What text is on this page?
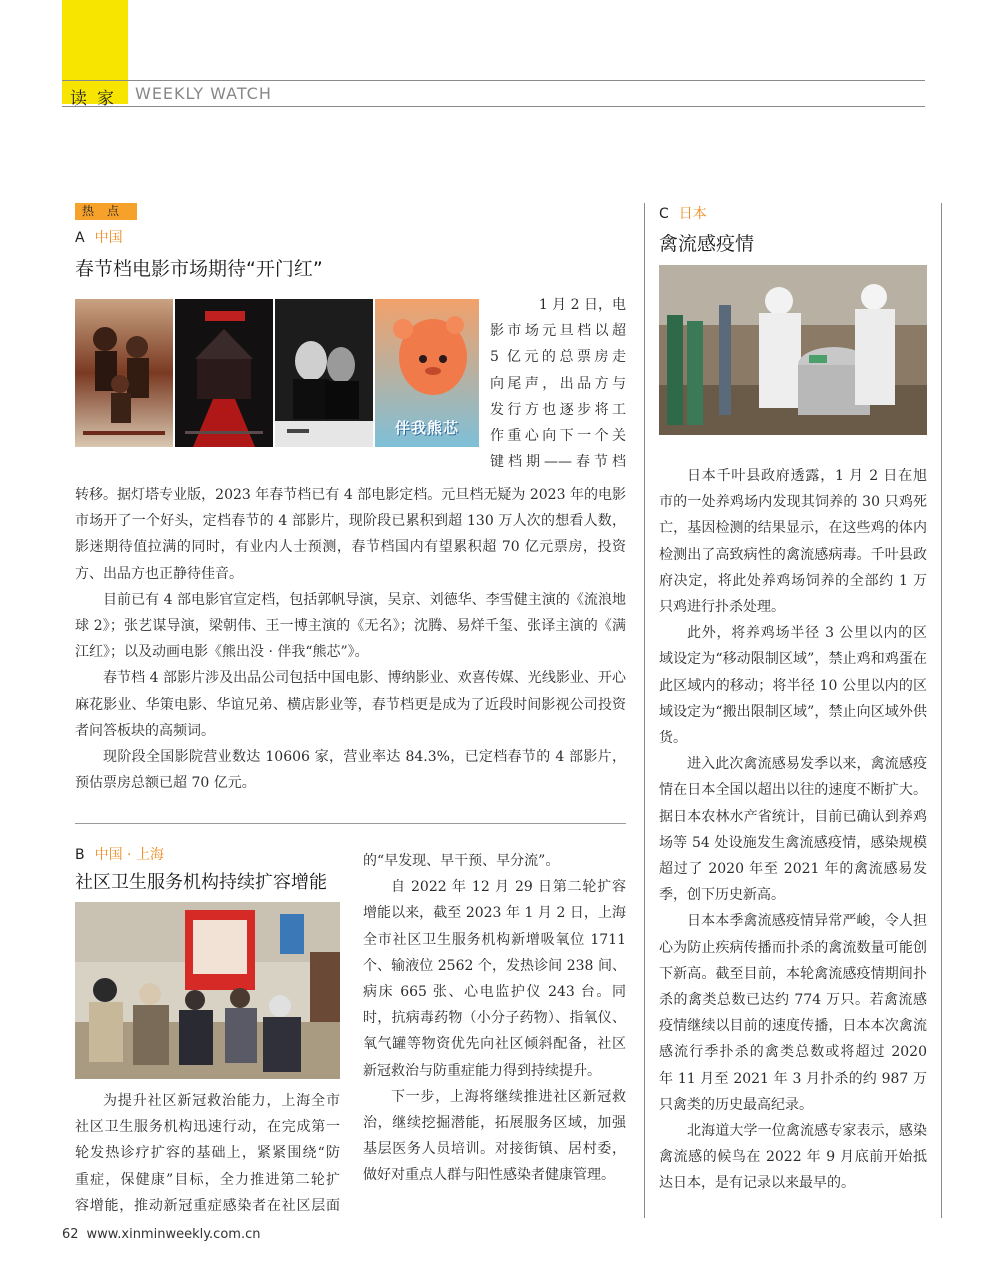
读家 WEEKLY WATCH
热点
A 中国
春节档电影市场期待“开门红”
伴我熊芯
1 月 2 日，电
影市场元旦档以超
5 亿元的总票房走
向尾声，出品方与
发行方也逐步将工
作重心向下一个关
键档期——春节档
转移。据灯塔专业版，2023 年春节档已有 4 部电影定档。元旦档无疑为 2023 年的电影市场开了一个好头，定档春节的 4 部影片，现阶段已累积到超 130 万人次的想看人数，影迷期待值拉满的同时，有业内人士预测，春节档国内有望累积超 70 亿元票房，投资方、出品方也正静待佳音。

目前已有 4 部电影官宣定档，包括郭帆导演，吴京、刘德华、李雪健主演的《流浪地球 2》；张艺谋导演，梁朝伟、王一博主演的《无名》；沈腾、易烊千玺、张译主演的《满江红》；以及动画电影《熊出没 · 伴我“熊芯”》。

春节档 4 部影片涉及出品公司包括中国电影、博纳影业、欢喜传媒、光线影业、开心麻花影业、华策电影、华谊兄弟、横店影业等，春节档更是成为了近段时间影视公司投资者问答板块的高频词。

现阶段全国影院营业数达 10606 家，营业率达 84.3%，已定档春节的 4 部影片，预估票房总额已超 70 亿元。

B 中国 · 上海
社区卫生服务机构持续扩容增能
为提升社区新冠救治能力，上海全市
社区卫生服务机构迅速行动，在完成第一
轮发热诊疗扩容的基础上，紧紧围绕“防
重症，保健康”目标，全力推进第二轮扩
容增能，推动新冠重症感染者在社区层面
的“早发现、早干预、早分流”。

自 2022 年 12 月 29 日第二轮扩容增能以来，截至 2023 年 1 月 2 日，上海全市社区卫生服务机构新增吸氧位 1711 个、输液位 2562 个，发热诊间 238 间、病床 665 张、心电监护仪 243 台。同时，抗病毒药物（小分子药物）、指氧仪、氧气罐等物资优先向社区倾斜配备，社区新冠救治与防重症能力得到持续提升。

下一步，上海将继续推进社区新冠救治，继续挖掘潜能，拓展服务区域，加强基层医务人员培训。对接街镇、居村委，做好对重点人群与阳性感染者健康管理。

C 日本
禽流感疫情

日本千叶县政府透露，1 月 2 日在旭市的一处养鸡场内发现其饲养的 30 只鸡死亡，基因检测的结果显示，在这些鸡的体内检测出了高致病性的禽流感病毒。千叶县政府决定，将此处养鸡场饲养的全部约 1 万只鸡进行扑杀处理。

此外，将养鸡场半径 3 公里以内的区域设定为“移动限制区域”，禁止鸡和鸡蛋在此区域内的移动；将半径 10 公里以内的区域设定为“搬出限制区域”，禁止向区域外供货。

进入此次禽流感易发季以来，禽流感疫情在日本全国以超出以往的速度不断扩大。据日本农林水产省统计，目前已确认到养鸡场等 54 处设施发生禽流感疫情，感染规模超过了 2020 年至 2021 年的禽流感易发季，创下历史新高。

日本本季禽流感疫情异常严峻，令人担心为防止疾病传播而扑杀的禽流数量可能创下新高。截至目前，本轮禽流感疫情期间扑杀的禽类总数已达约 774 万只。若禽流感疫情继续以目前的速度传播，日本本次禽流感流行季扑杀的禽类总数或将超过 2020 年 11 月至 2021 年 3 月扑杀的约 987 万只禽类的历史最高纪录。

北海道大学一位禽流感专家表示，感染禽流感的候鸟在 2022 年 9 月底前开始抵达日本，是有记录以来最早的。

62 www.xinminweekly.com.cn
